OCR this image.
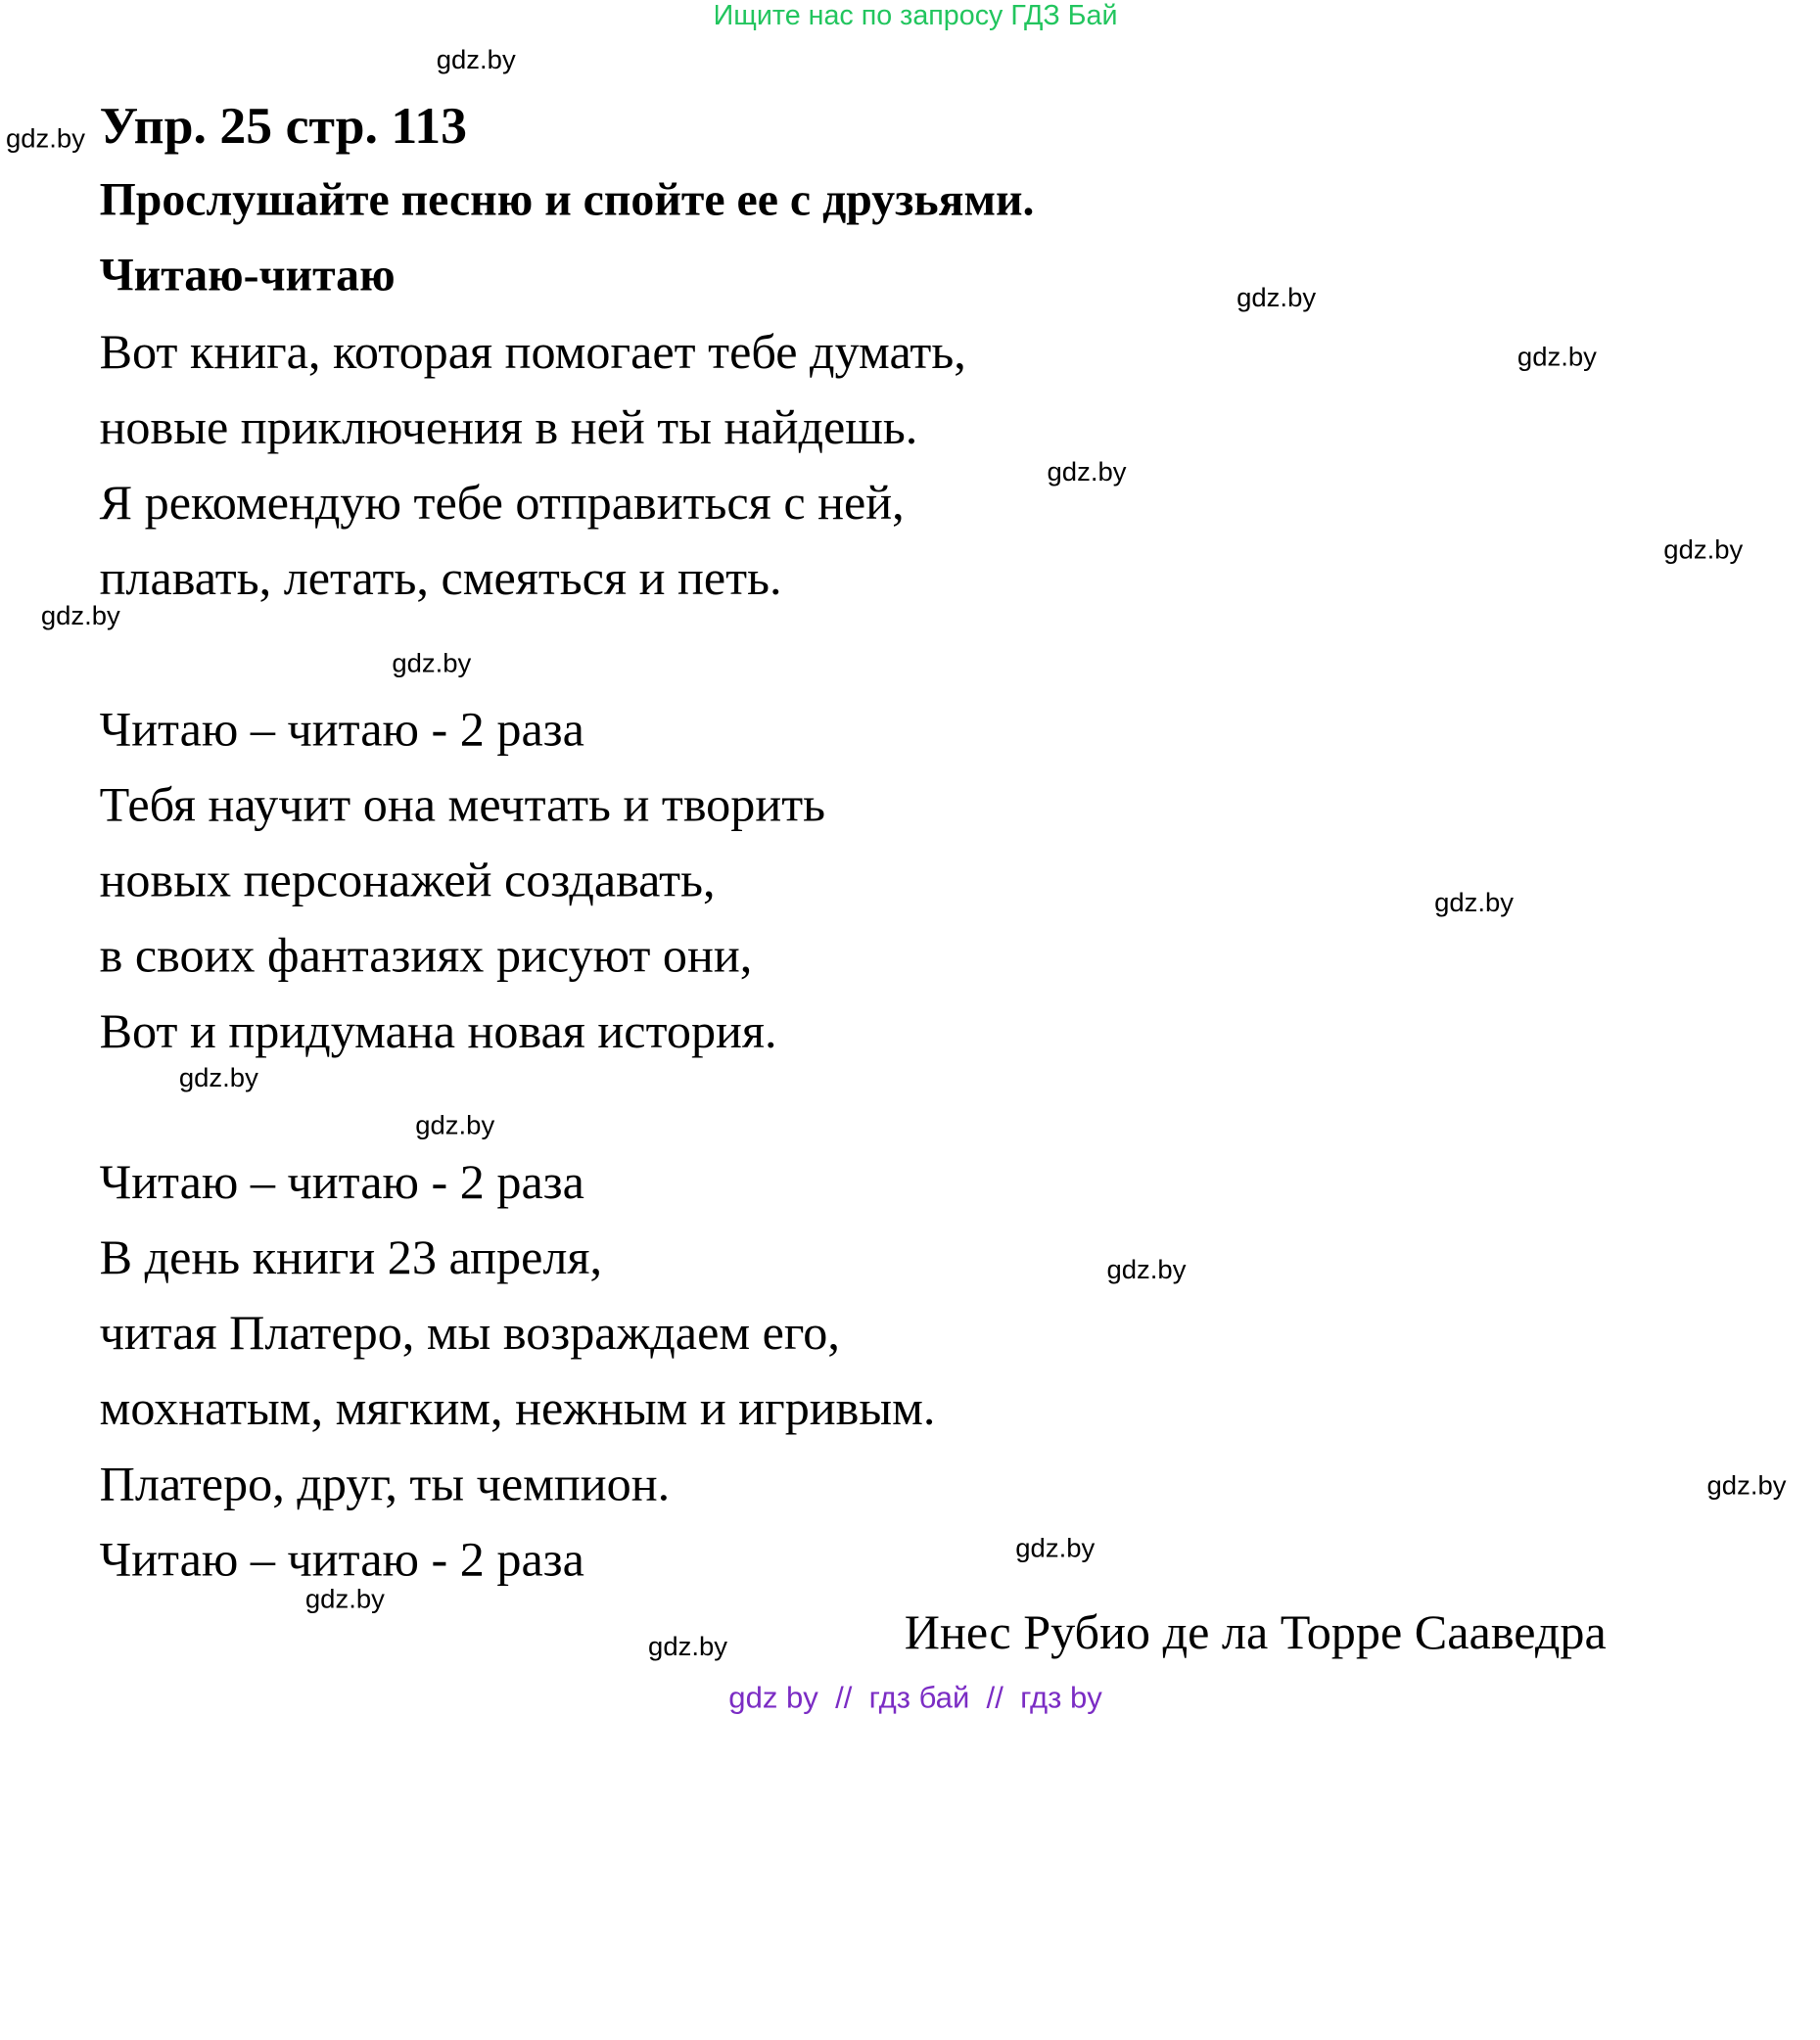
Ищите нас по запросу ГДЗ Бай
gdz.by
gdz.by
gdz.by
gdz.by
gdz.by
gdz.by
gdz.by
gdz.by
gdz.by
gdz.by
gdz.by
gdz.by
gdz.by
gdz.by
gdz.by
gdz.by
Упр. 25 стр. 113
Прослушайте песню и спойте ее с друзьями.
Читаю-читаю
Вот книга, которая помогает тебе думать,
новые приключения в ней ты найдешь.
Я рекомендую тебе отправиться с ней,
плавать, летать, смеяться и петь.
Читаю – читаю - 2 раза
Тебя научит она мечтать и творить
новых персонажей создавать,
в своих фантазиях рисуют они,
Вот и придумана новая история.
Читаю – читаю - 2 раза
В день книги 23 апреля,
читая Платеро, мы возраждаем его,
мохнатым, мягким, нежным и игривым.
Платеро, друг, ты чемпион.
Читаю – читаю - 2 раза
Инес Рубио де ла Торре Сааведра
gdz by  //  гдз бай  //  гдз by
